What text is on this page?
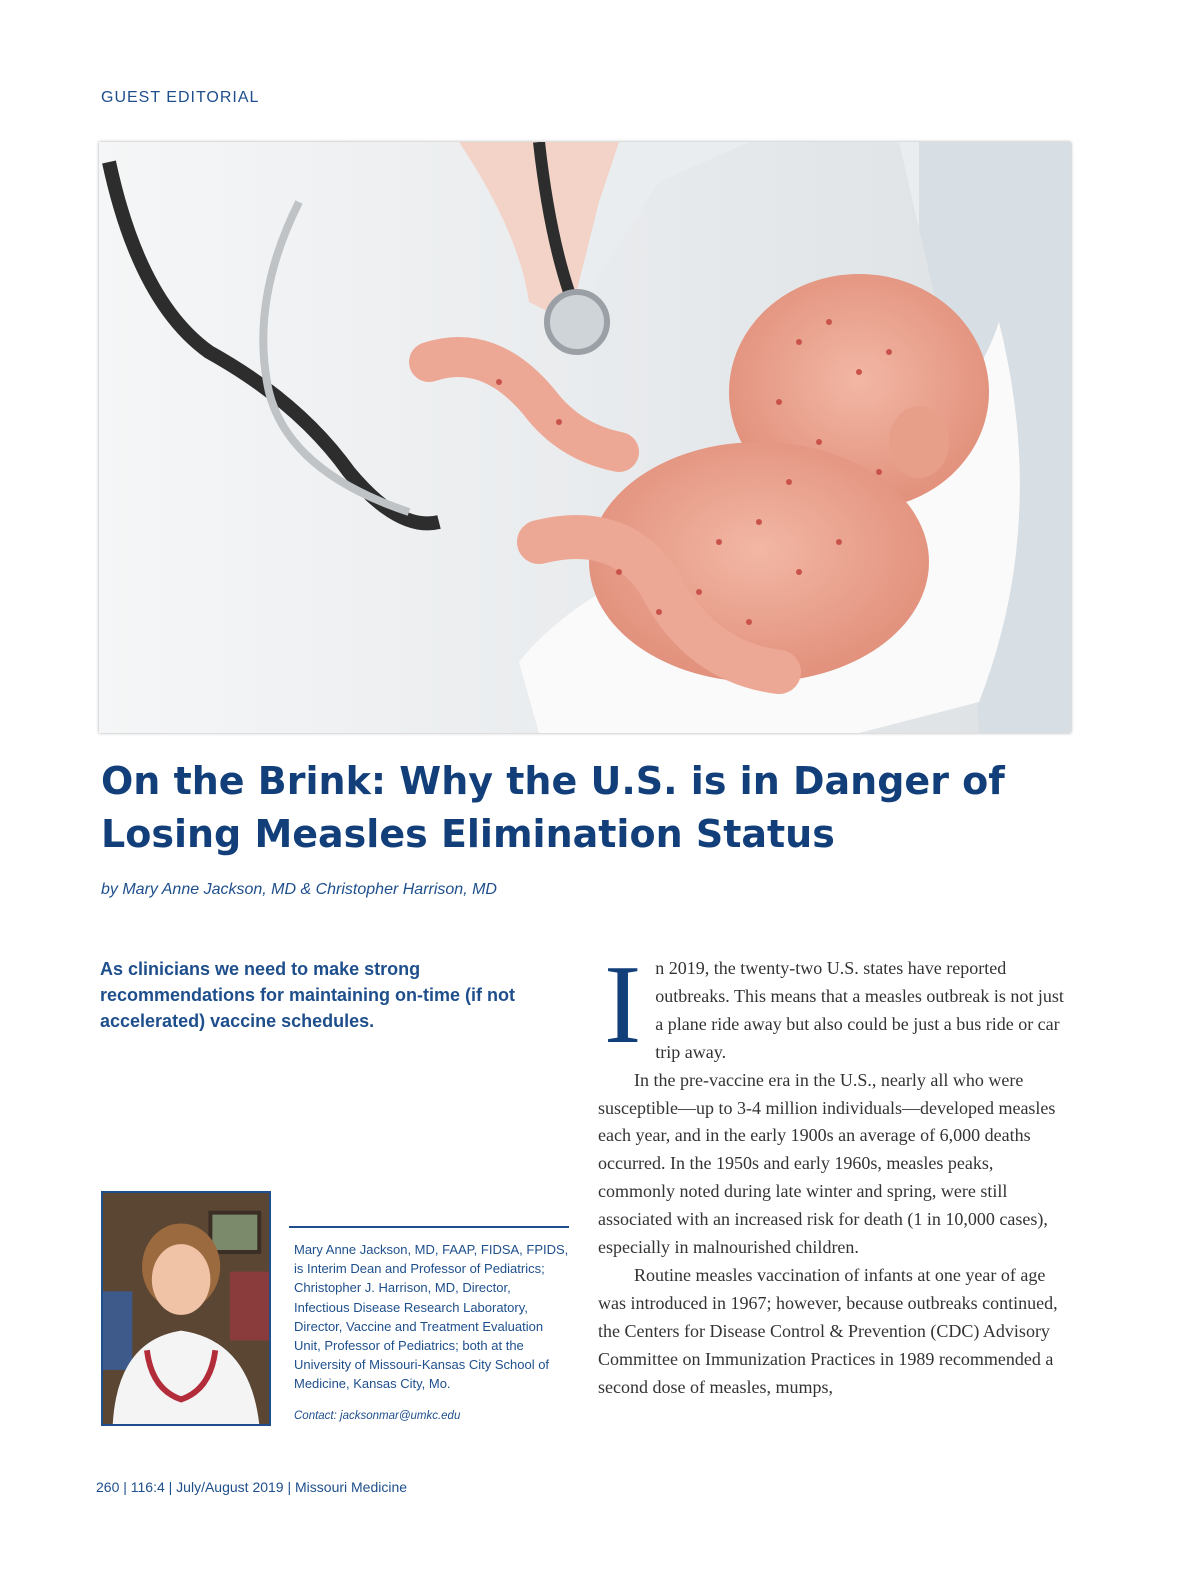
GUEST EDITORIAL
On the Brink: Why the U.S. is in Danger of Losing Measles Elimination Status
by Mary Anne Jackson, MD & Christopher Harrison, MD
As clinicians we need to make strong recommendations for maintaining on-time (if not accelerated) vaccine schedules.
Mary Anne Jackson, MD, FAAP, FIDSA, FPIDS, is Interim Dean and Professor of Pediatrics; Christopher J. Harrison, MD, Director, Infectious Disease Research Laboratory, Director, Vaccine and Treatment Evaluation Unit, Professor of Pediatrics; both at the University of Missouri-Kansas City School of Medicine, Kansas City, Mo.
Contact: jacksonmar@umkc.edu
I n 2019, the twenty-two U.S. states have reported outbreaks. This means that a measles outbreak is not just a plane ride away but also could be just a bus ride or car trip away.

In the pre-vaccine era in the U.S., nearly all who were susceptible—up to 3-4 million individuals—developed measles each year, and in the early 1900s an average of 6,000 deaths occurred. In the 1950s and early 1960s, measles peaks, commonly noted during late winter and spring, were still associated with an increased risk for death (1 in 10,000 cases), especially in malnourished children.

Routine measles vaccination of infants at one year of age was introduced in 1967; however, because outbreaks continued, the Centers for Disease Control & Prevention (CDC) Advisory Committee on Immunization Practices in 1989 recommended a second dose of measles, mumps,

260 | 116:4 | July/August 2019 | Missouri Medicine
